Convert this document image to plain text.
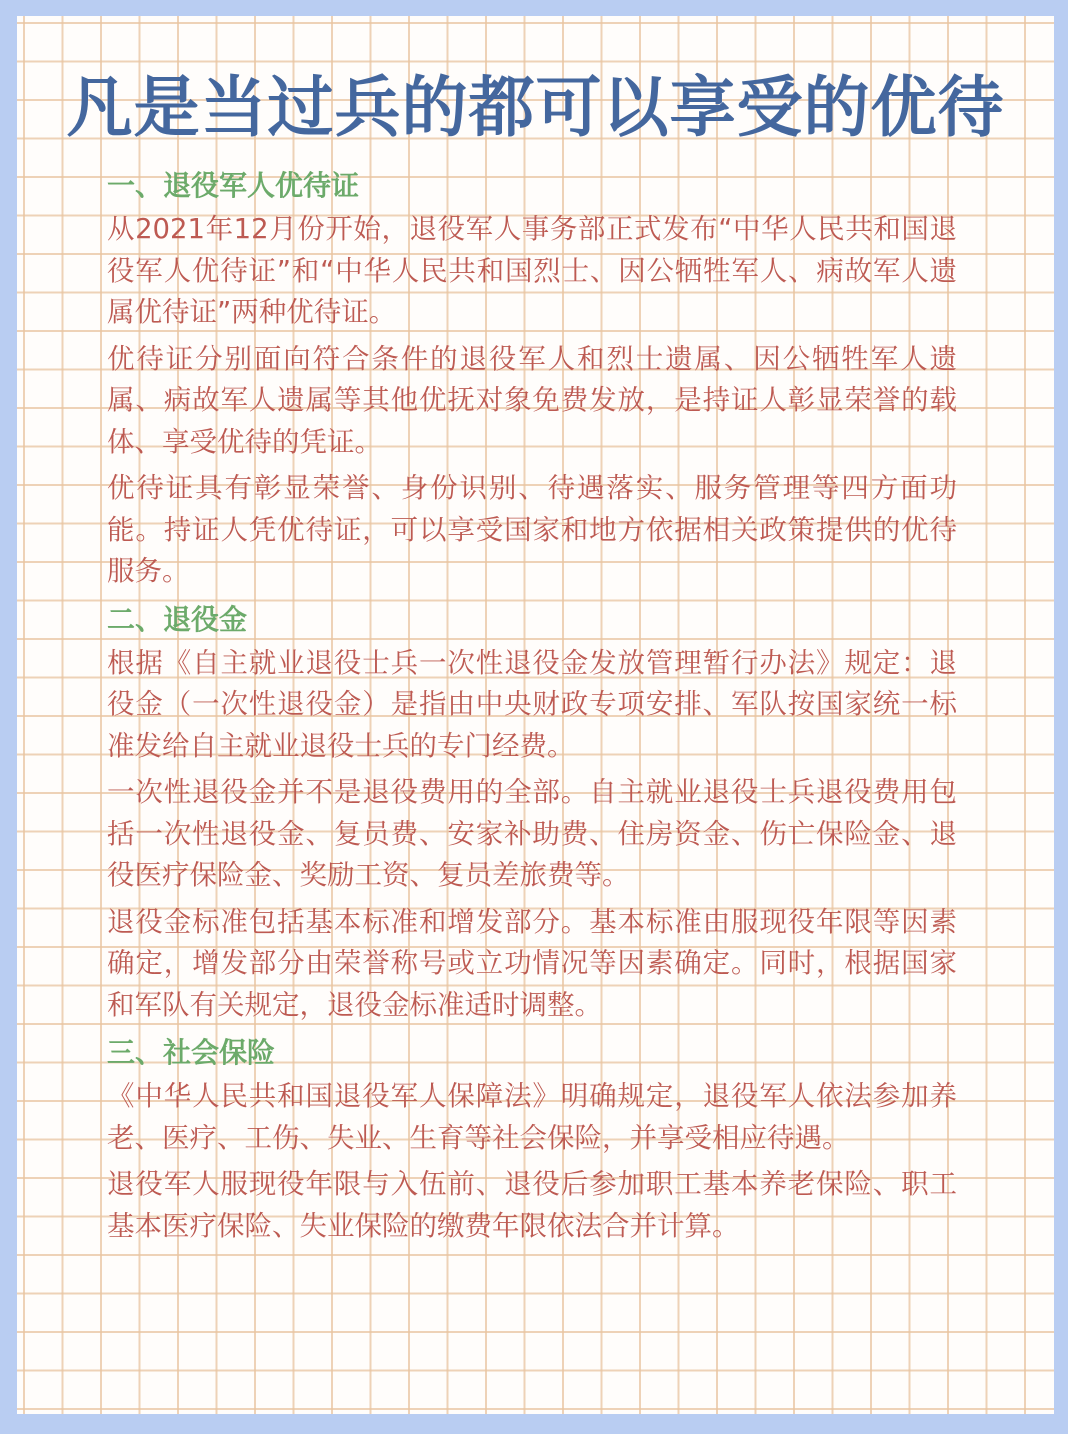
凡是当过兵的都可以享受的优待

一、退役军人优待证

从2021年12月份开始，退役军人事务部正式发布“中华人民共和国退役军人优待证”和“中华人民共和国烈士、因公牺牲军人、病故军人遗属优待证”两种优待证。

优待证分别面向符合条件的退役军人和烈士遗属、因公牺牲军人遗属、病故军人遗属等其他优抚对象免费发放，是持证人彰显荣誉的载体、享受优待的凭证。

优待证具有彰显荣誉、身份识别、待遇落实、服务管理等四方面功能。持证人凭优待证，可以享受国家和地方依据相关政策提供的优待服务。

二、退役金

根据《自主就业退役士兵一次性退役金发放管理暂行办法》规定：退役金（一次性退役金）是指由中央财政专项安排、军队按国家统一标准发给自主就业退役士兵的专门经费。

一次性退役金并不是退役费用的全部。自主就业退役士兵退役费用包括一次性退役金、复员费、安家补助费、住房资金、伤亡保险金、退役医疗保险金、奖励工资、复员差旅费等。

退役金标准包括基本标准和增发部分。基本标准由服现役年限等因素确定，增发部分由荣誉称号或立功情况等因素确定。同时，根据国家和军队有关规定，退役金标准适时调整。

三、社会保险

《中华人民共和国退役军人保障法》明确规定，退役军人依法参加养老、医疗、工伤、失业、生育等社会保险，并享受相应待遇。

退役军人服现役年限与入伍前、退役后参加职工基本养老保险、职工基本医疗保险、失业保险的缴费年限依法合并计算。
